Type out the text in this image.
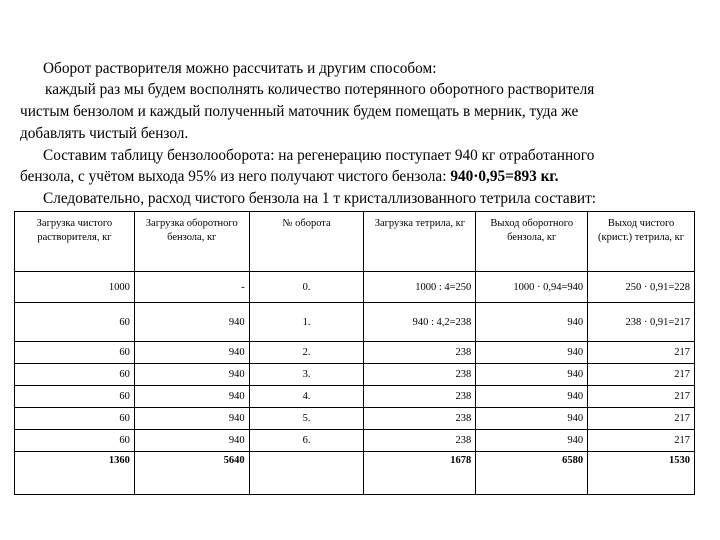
Оборот растворителя можно рассчитать и другим способом:
каждый раз мы будем восполнять количество потерянного оборотного растворителя
чистым бензолом и каждый полученный маточник будем помещать в мерник, туда же
добавлять чистый бензол.
Составим таблицу бензолооборота: на регенерацию поступает 940 кг отработанного
бензола, с учётом выхода 95% из него получают чистого бензола: 940·0,95=893 кг.
Следовательно, расход чистого бензола на 1 т кристаллизованного тетрила составит:
Загрузка чистого растворителя, кг	Загрузка оборотного бензола, кг	№ оборота	Загрузка тетрила, кг	Выход оборотного бензола, кг	Выход чистого (крист.) тетрила, кг
1000	-	0.	1000 : 4=250	1000 · 0,94=940	250 · 0,91=228
60	940	1.	940 : 4,2=238	940	238 · 0,91=217
60	940	2.	238	940	217
60	940	3.	238	940	217
60	940	4.	238	940	217
60	940	5.	238	940	217
60	940	6.	238	940	217
1360	5640		1678	6580	1530
